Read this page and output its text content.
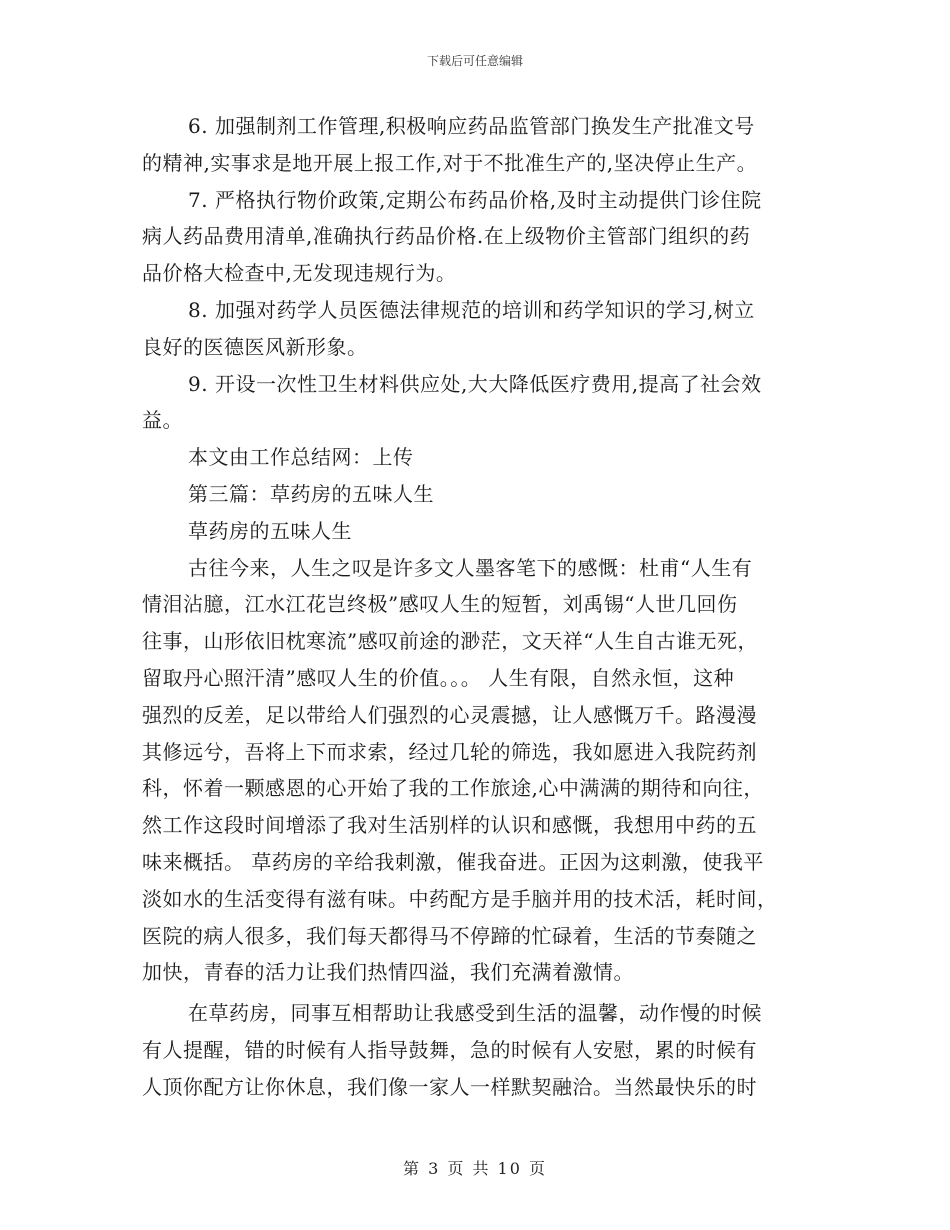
下载后可任意编辑
6. 加强制剂工作管理,积极响应药品监管部门换发生产批准文号
的精神,实事求是地开展上报工作,对于不批准生产的,坚决停止生产。
7. 严格执行物价政策,定期公布药品价格,及时主动提供门诊住院
病人药品费用清单,准确执行药品价格.在上级物价主管部门组织的药
品价格大检查中,无发现违规行为。
8. 加强对药学人员医德法律规范的培训和药学知识的学习,树立
良好的医德医风新形象。
9. 开设一次性卫生材料供应处,大大降低医疗费用,提高了社会效
益。
本文由工作总结网：上传
第三篇：草药房的五味人生
草药房的五味人生
古往今来，人生之叹是许多文人墨客笔下的感慨：杜甫“人生有
情泪沾臆，江水江花岂终极”感叹人生的短暂，刘禹锡“人世几回伤
往事，山形依旧枕寒流”感叹前途的渺茫，文天祥“人生自古谁无死，
留取丹心照汗清”感叹人生的价值。。。 人生有限，自然永恒，这种
强烈的反差，足以带给人们强烈的心灵震撼，让人感慨万千。路漫漫
其修远兮，吾将上下而求索，经过几轮的筛选，我如愿进入我院药剂
科，怀着一颗感恩的心开始了我的工作旅途,心中满满的期待和向往，
然工作这段时间增添了我对生活别样的认识和感慨，我想用中药的五
味来概括。 草药房的辛给我刺激，催我奋进。正因为这刺激，使我平
淡如水的生活变得有滋有味。中药配方是手脑并用的技术活，耗时间，
医院的病人很多，我们每天都得马不停蹄的忙碌着，生活的节奏随之
加快，青春的活力让我们热情四溢，我们充满着激情。
在草药房，同事互相帮助让我感受到生活的温馨，动作慢的时候
有人提醒，错的时候有人指导鼓舞，急的时候有人安慰，累的时候有
人顶你配方让你休息，我们像一家人一样默契融洽。当然最快乐的时
第 3 页 共 10 页
